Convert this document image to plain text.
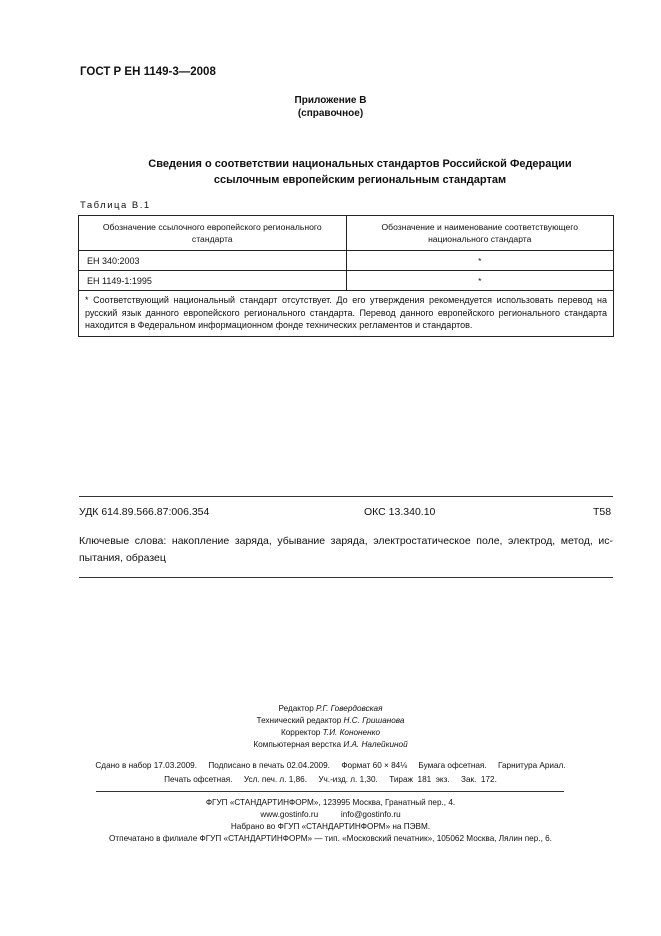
ГОСТ Р ЕН 1149-3—2008
Приложение В
(справочное)
Сведения о соответствии национальных стандартов Российской Федерации
ссылочным европейским региональным стандартам
Таблица В.1
Обозначение ссылочного европейского регионального стандарта	Обозначение и наименование соответствующего национального стандарта
ЕН 340:2003	*
ЕН 1149-1:1995	*
* Соответствующий национальный стандарт отсутствует. До его утверждения рекомендуется использовать перевод на русский язык данного европейского регионального стандарта. Перевод данного европейского регионального стандарта находится в Федеральном информационном фонде технических регламентов и стандартов.	
УДК 614.89.566.87:006.354	ОКС 13.340.10	Т58
Ключевые слова: накопление заряда, убывание заряда, электростатическое поле, электрод, метод, испытания, образец
Редактор Р.Г. Говердовская
Технический редактор Н.С. Гришанова
Корректор Т.И. Кононенко
Компьютерная верстка И.А. Налейкиной
Сдано в набор 17.03.2009.     Подписано в печать 02.04.2009.     Формат 60 × 84⅛     Бумага офсетная.     Гарнитура Ариал.
Печать офсетная.     Усл. печ. л. 1,86.     Уч.-изд. л. 1,30.     Тираж  181  экз.     Зак.  172.
ФГУП «СТАНДАРТИНФОРМ», 123995 Москва, Гранатный пер., 4.
www.gostinfo.ru          info@gostinfo.ru
Набрано во ФГУП «СТАНДАРТИНФОРМ» на ПЭВМ.
Отпечатано в филиале ФГУП «СТАНДАРТИНФОРМ» — тип. «Московский печатник», 105062 Москва, Лялин пер., 6.
